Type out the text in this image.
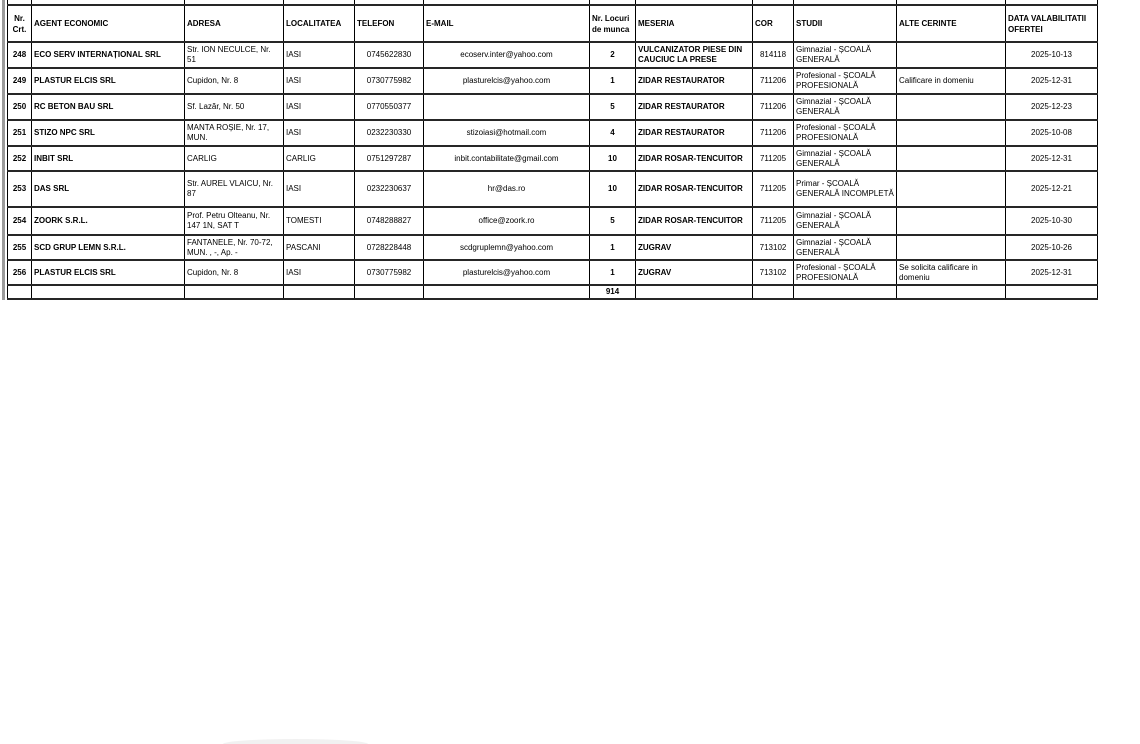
Nr. Crt.	AGENT ECONOMIC	ADRESA	LOCALITATEA	TELEFON	E-MAIL	Nr. Locuri de munca	MESERIA	COR	STUDII	ALTE CERINTE	DATA VALABILITATII OFERTEI
248	ECO SERV INTERNAȚIONAL SRL	Str. ION NECULCE, Nr. 51	IASI	0745622830	ecoserv.inter@yahoo.com	2	VULCANIZATOR PIESE DIN CAUCIUC LA PRESE	814118	Gimnazial - ȘCOALĂ GENERALĂ		2025-10-13
249	PLASTUR ELCIS SRL	Cupidon, Nr. 8	IASI	0730775982	plasturelcis@yahoo.com	1	ZIDAR RESTAURATOR	711206	Profesional - ȘCOALĂ PROFESIONALĂ	Calificare in domeniu	2025-12-31
250	RC BETON BAU SRL	Sf. Lazăr, Nr. 50	IASI	0770550377		5	ZIDAR RESTAURATOR	711206	Gimnazial - ȘCOALĂ GENERALĂ		2025-12-23
251	STIZO NPC SRL	MANTA ROȘIE, Nr. 17, MUN.	IASI	0232230330	stizoiasi@hotmail.com	4	ZIDAR RESTAURATOR	711206	Profesional - ȘCOALĂ PROFESIONALĂ		2025-10-08
252	INBIT SRL	CARLIG	CARLIG	0751297287	inbit.contabilitate@gmail.com	10	ZIDAR ROSAR-TENCUITOR	711205	Gimnazial - ȘCOALĂ GENERALĂ		2025-12-31
253	DAS SRL	Str. AUREL VLAICU, Nr. 87	IASI	0232230637	hr@das.ro	10	ZIDAR ROSAR-TENCUITOR	711205	Primar - ȘCOALĂ GENERALĂ INCOMPLETĂ		2025-12-21
254	ZOORK S.R.L.	Prof. Petru Olteanu, Nr. 147 1N, SAT T	TOMESTI	0748288827	office@zoork.ro	5	ZIDAR ROSAR-TENCUITOR	711205	Gimnazial - ȘCOALĂ GENERALĂ		2025-10-30
255	SCD GRUP LEMN S.R.L.	FANTANELE, Nr. 70-72, MUN. , -, Ap. -	PASCANI	0728228448	scdgruplemn@yahoo.com	1	ZUGRAV	713102	Gimnazial - ȘCOALĂ GENERALĂ		2025-10-26
256	PLASTUR ELCIS SRL	Cupidon, Nr. 8	IASI	0730775982	plasturelcis@yahoo.com	1	ZUGRAV	713102	Profesional - ȘCOALĂ PROFESIONALĂ	Se solicita calificare in domeniu	2025-12-31
						914					
